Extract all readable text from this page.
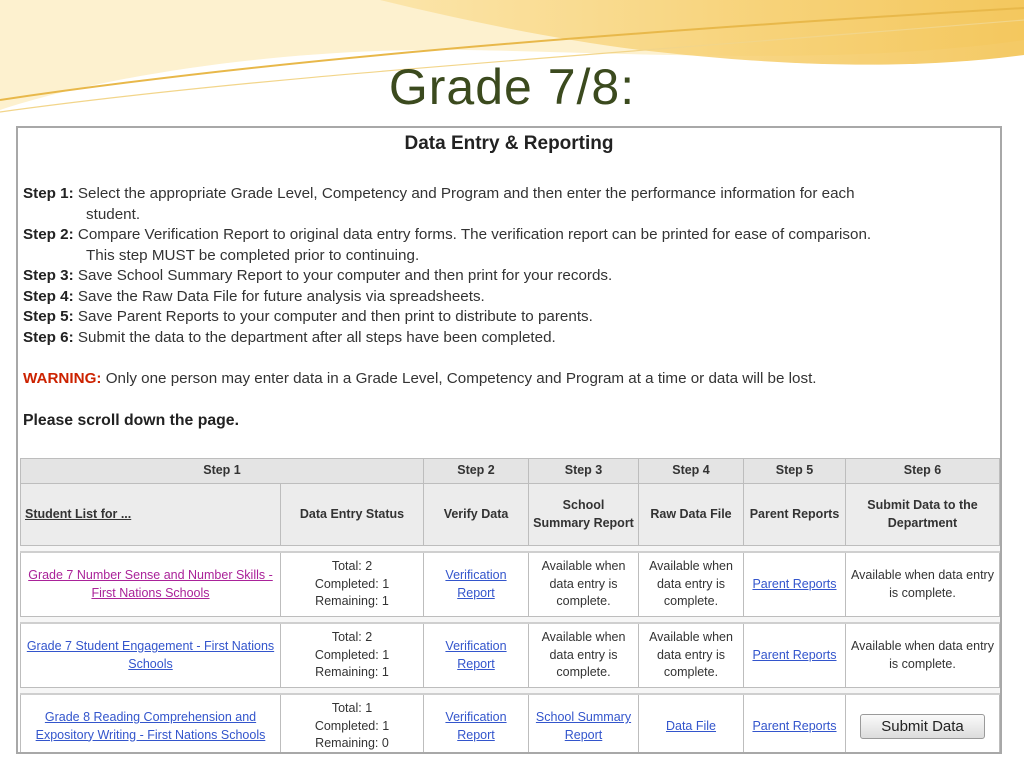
Grade 7/8:
Data Entry & Reporting
Step 1: Select the appropriate Grade Level, Competency and Program and then enter the performance information for each
student.
Step 2: Compare Verification Report to original data entry forms. The verification report can be printed for ease of comparison.
This step MUST be completed prior to continuing.
Step 3: Save School Summary Report to your computer and then print for your records.
Step 4: Save the Raw Data File for future analysis via spreadsheets.
Step 5: Save Parent Reports to your computer and then print to distribute to parents.
Step 6: Submit the data to the department after all steps have been completed.
WARNING: Only one person may enter data in a Grade Level, Competency and Program at a time or data will be lost.
Please scroll down the page.
Step 1		Step 2	Step 3	Step 4	Step 5	Step 6
Student List for ...	Data Entry Status	Verify Data	School Summary Report	Raw Data File	Parent Reports	Submit Data to the Department

Grade 7 Number Sense and Number Skills - First Nations Schools	Total: 2
Completed: 1
Remaining: 1	Verification Report	Available when data entry is complete.	Available when data entry is complete.	Parent Reports	Available when data entry is complete.

Grade 7 Student Engagement - First Nations Schools	Total: 2
Completed: 1
Remaining: 1	Verification Report	Available when data entry is complete.	Available when data entry is complete.	Parent Reports	Available when data entry is complete.

Grade 8 Reading Comprehension and Expository Writing - First Nations Schools	Total: 1
Completed: 1
Remaining: 0	Verification Report	School Summary Report	Data File	Parent Reports	Submit Data
